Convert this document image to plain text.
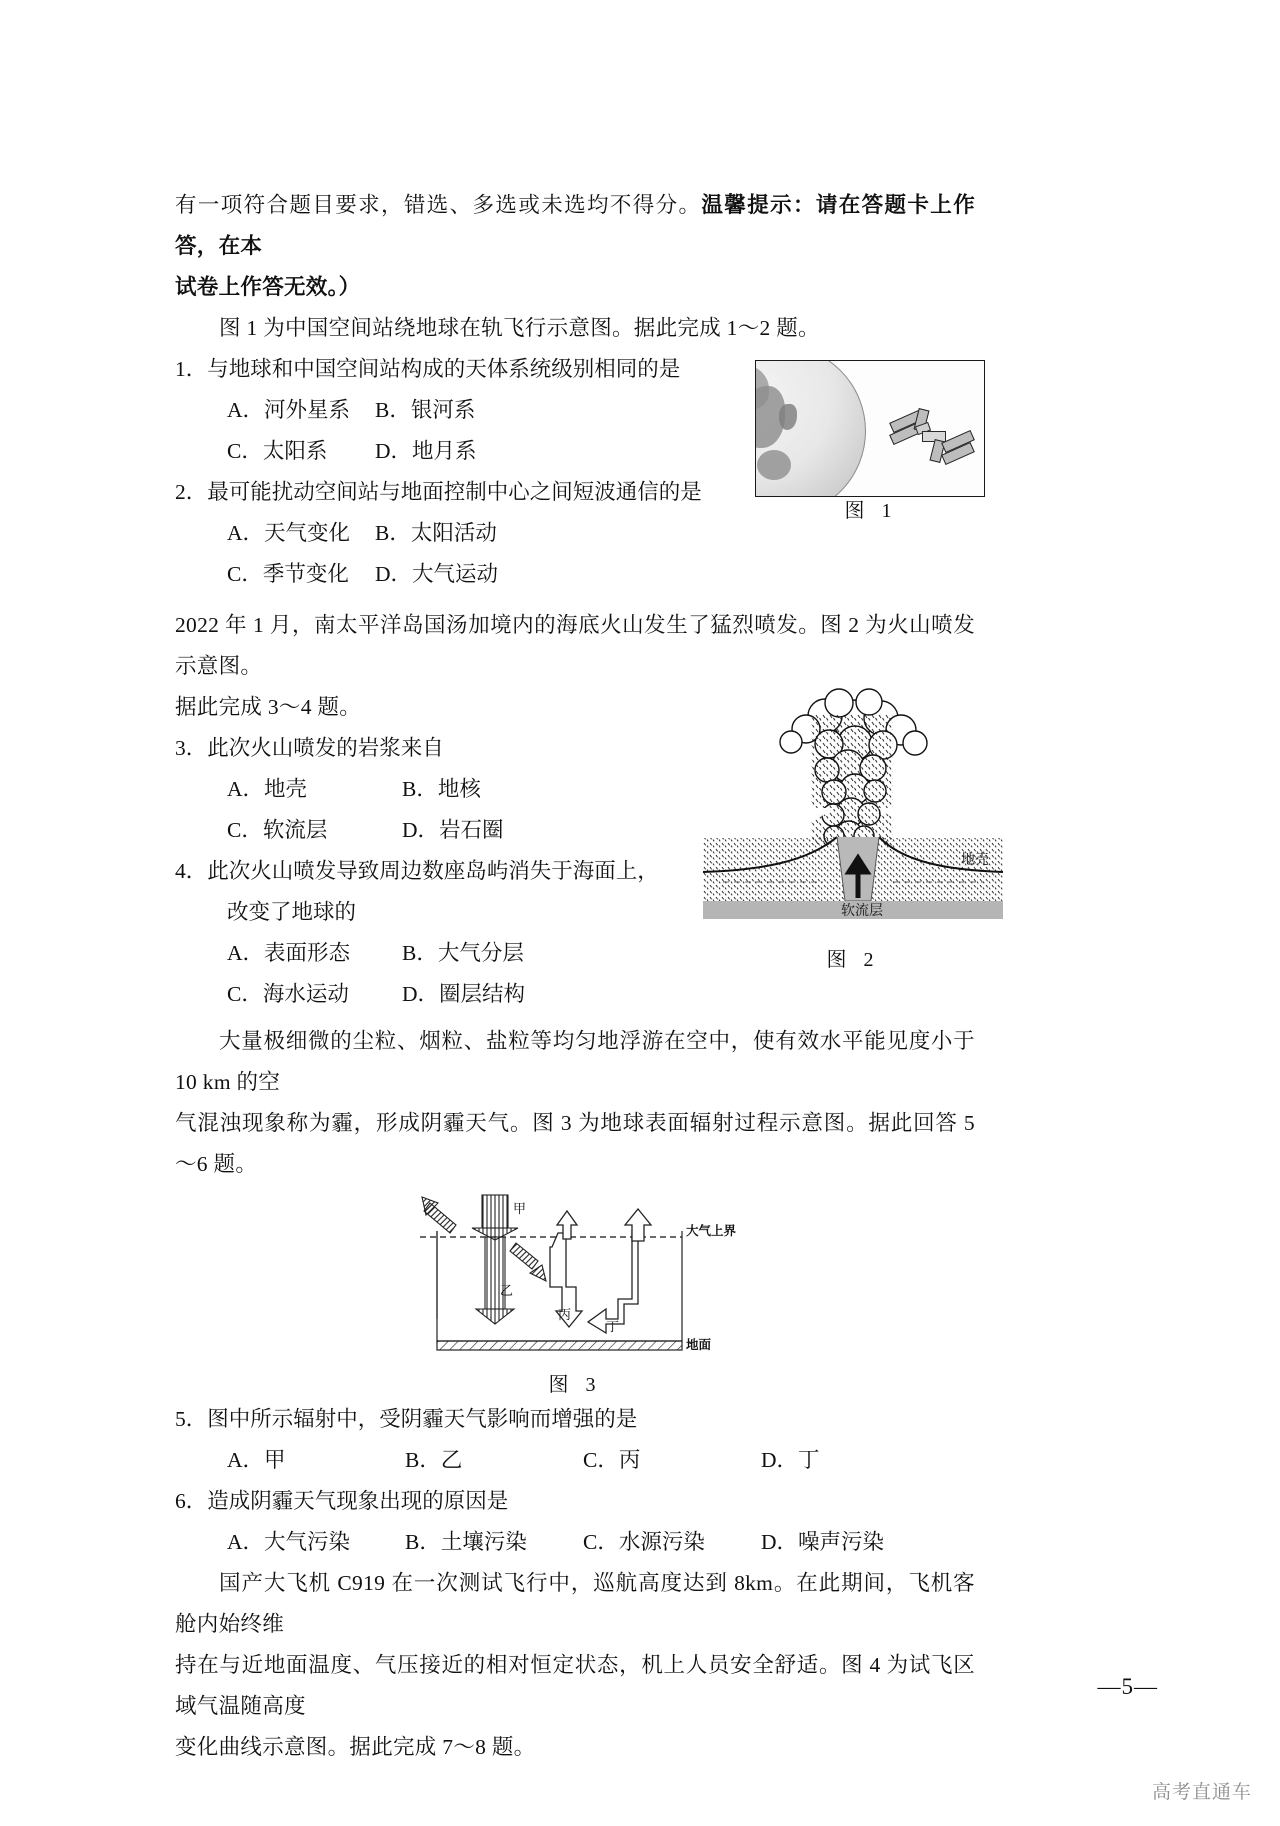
有一项符合题目要求，错选、多选或未选均不得分。温馨提示：请在答题卡上作答，在本

试卷上作答无效。）

图 1

图 1 为中国空间站绕地球在轨飞行示意图。据此完成 1～2 题。

1．与地球和中国空间站构成的天体系统级别相同的是

A．河外星系 B．银河系

C．太阳系 D．地月系

2．最可能扰动空间站与地面控制中心之间短波通信的是

A．天气变化 B．太阳活动

C．季节变化 D．大气运动

2022 年 1 月，南太平洋岛国汤加境内的海底火山发生了猛烈喷发。图 2 为火山喷发示意图。

据此完成 3～4 题。

地壳
软流层

图 2

3．此次火山喷发的岩浆来自

A．地壳	B．地核

C．软流层	D．岩石圈

4．此次火山喷发导致周边数座岛屿消失于海面上，

改变了地球的

A．表面形态 B．大气分层

C．海水运动 D．圈层结构

大量极细微的尘粒、烟粒、盐粒等均匀地浮游在空中，使有效水平能见度小于 10 km 的空

气混浊现象称为霾，形成阴霾天气。图 3 为地球表面辐射过程示意图。据此回答 5～6 题。

大气上界
甲
乙
丙
丁
地面

图 3

5．图中所示辐射中，受阴霾天气影响而增强的是

A．甲	B．乙	C．丙	D．丁

6．造成阴霾天气现象出现的原因是

A．大气污染	B．土壤污染	C．水源污染	D．噪声污染

国产大飞机 C919 在一次测试飞行中，巡航高度达到 8km。在此期间，飞机客舱内始终维

持在与近地面温度、气压接近的相对恒定状态，机上人员安全舒适。图 4 为试飞区域气温随高度

变化曲线示意图。据此完成 7～8 题。

—5—
高考直通车
